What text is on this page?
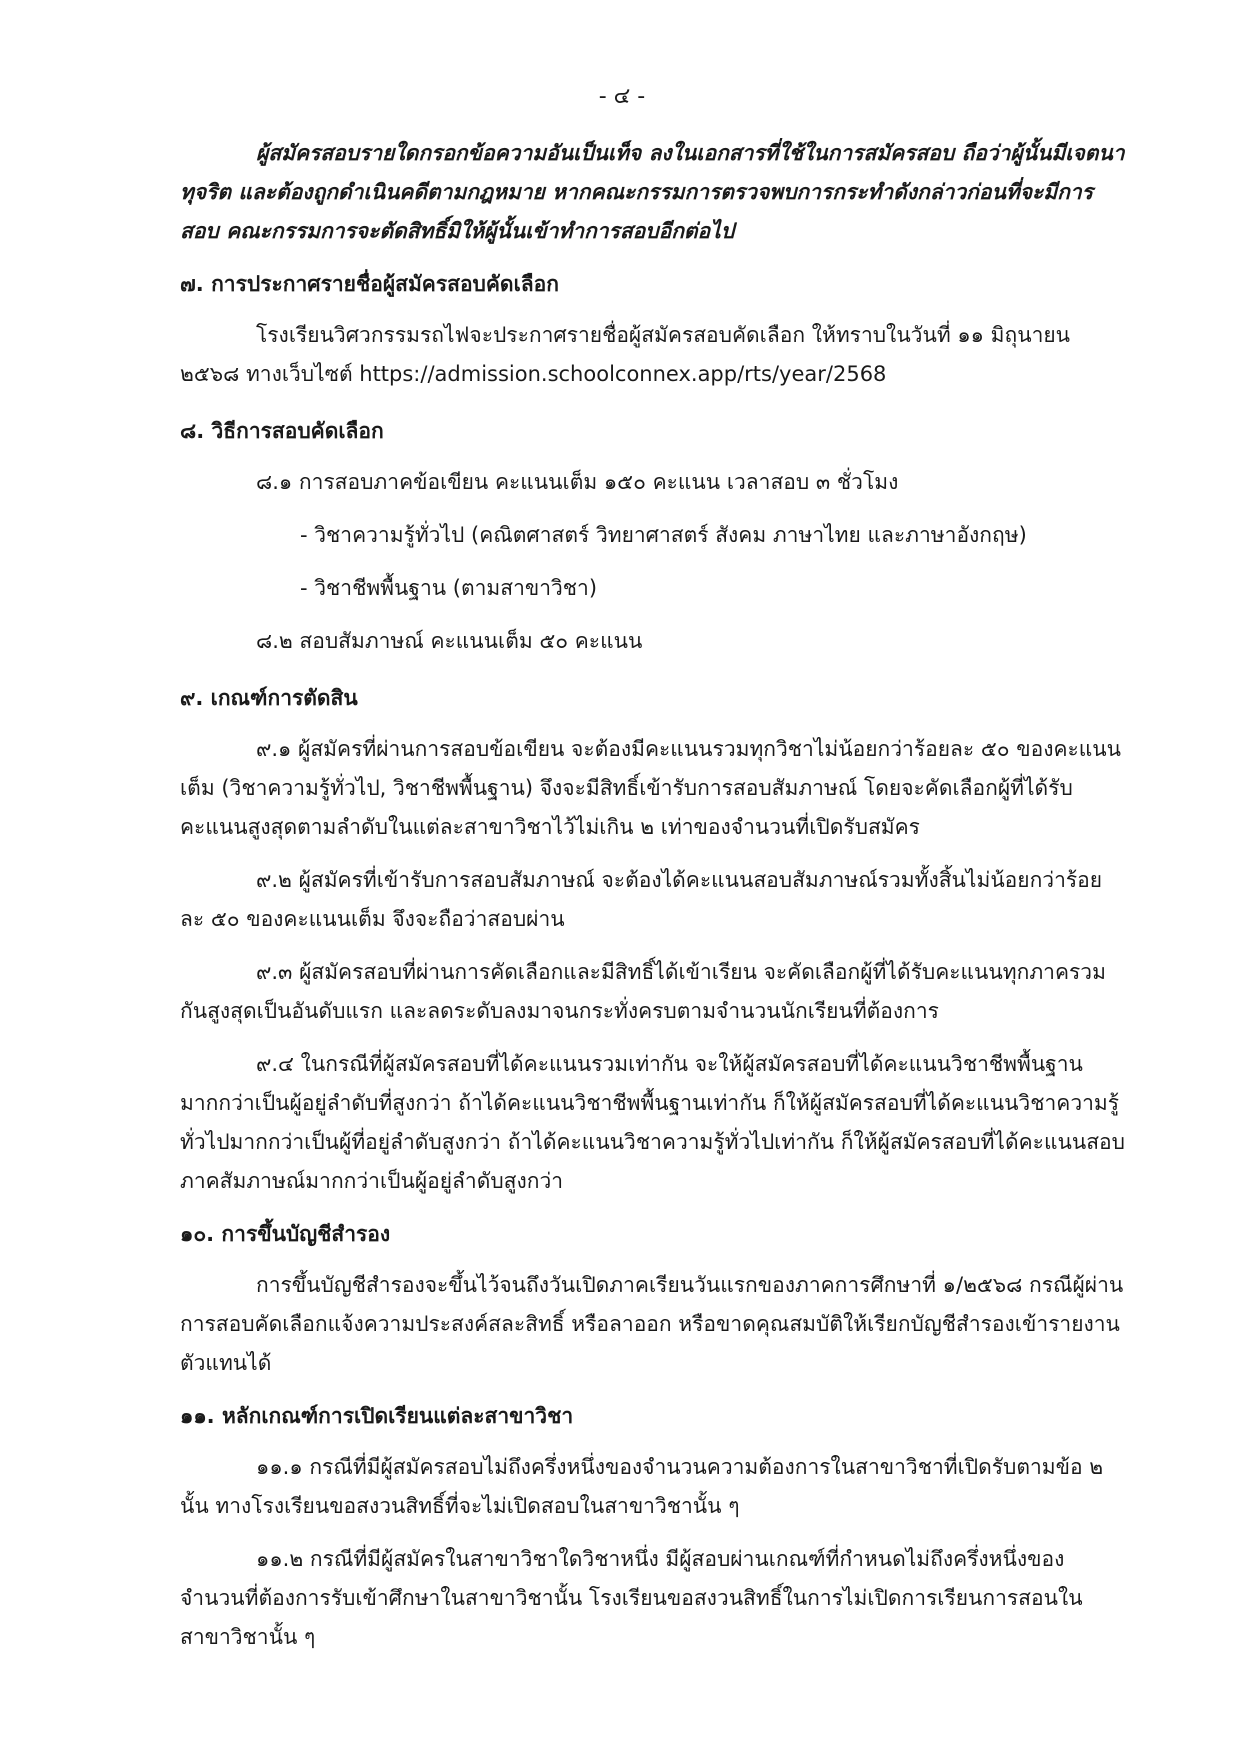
- ๔ -

ผู้สมัครสอบรายใดกรอกข้อความอันเป็นเท็จ ลงในเอกสารที่ใช้ในการสมัครสอบ ถือว่าผู้นั้นมีเจตนาทุจริต และต้องถูกดำเนินคดีตามกฎหมาย หากคณะกรรมการตรวจพบการกระทำดังกล่าวก่อนที่จะมีการสอบ คณะกรรมการจะตัดสิทธิ์มิให้ผู้นั้นเข้าทำการสอบอีกต่อไป

๗. การประกาศรายชื่อผู้สมัครสอบคัดเลือก

โรงเรียนวิศวกรรมรถไฟจะประกาศรายชื่อผู้สมัครสอบคัดเลือก ให้ทราบในวันที่ ๑๑ มิถุนายน ๒๕๖๘ ทางเว็บไซต์ https://admission.schoolconnex.app/rts/year/2568

๘. วิธีการสอบคัดเลือก

๘.๑ การสอบภาคข้อเขียน คะแนนเต็ม ๑๕๐ คะแนน เวลาสอบ ๓ ชั่วโมง

- วิชาความรู้ทั่วไป (คณิตศาสตร์ วิทยาศาสตร์ สังคม ภาษาไทย และภาษาอังกฤษ)

- วิชาชีพพื้นฐาน (ตามสาขาวิชา)

๘.๒ สอบสัมภาษณ์ คะแนนเต็ม ๕๐ คะแนน

๙. เกณฑ์การตัดสิน

๙.๑ ผู้สมัครที่ผ่านการสอบข้อเขียน จะต้องมีคะแนนรวมทุกวิชาไม่น้อยกว่าร้อยละ ๕๐ ของคะแนนเต็ม (วิชาความรู้ทั่วไป, วิชาชีพพื้นฐาน) จึงจะมีสิทธิ์เข้ารับการสอบสัมภาษณ์ โดยจะคัดเลือกผู้ที่ได้รับคะแนนสูงสุดตามลำดับในแต่ละสาขาวิชาไว้ไม่เกิน ๒ เท่าของจำนวนที่เปิดรับสมัคร

๙.๒ ผู้สมัครที่เข้ารับการสอบสัมภาษณ์ จะต้องได้คะแนนสอบสัมภาษณ์รวมทั้งสิ้นไม่น้อยกว่าร้อยละ ๕๐ ของคะแนนเต็ม จึงจะถือว่าสอบผ่าน

๙.๓ ผู้สมัครสอบที่ผ่านการคัดเลือกและมีสิทธิ์ได้เข้าเรียน จะคัดเลือกผู้ที่ได้รับคะแนนทุกภาครวมกันสูงสุดเป็นอันดับแรก และลดระดับลงมาจนกระทั่งครบตามจำนวนนักเรียนที่ต้องการ

๙.๔ ในกรณีที่ผู้สมัครสอบที่ได้คะแนนรวมเท่ากัน จะให้ผู้สมัครสอบที่ได้คะแนนวิชาชีพพื้นฐานมากกว่าเป็นผู้อยู่ลำดับที่สูงกว่า ถ้าได้คะแนนวิชาชีพพื้นฐานเท่ากัน ก็ให้ผู้สมัครสอบที่ได้คะแนนวิชาความรู้ทั่วไปมากกว่าเป็นผู้ที่อยู่ลำดับสูงกว่า ถ้าได้คะแนนวิชาความรู้ทั่วไปเท่ากัน ก็ให้ผู้สมัครสอบที่ได้คะแนนสอบภาคสัมภาษณ์มากกว่าเป็นผู้อยู่ลำดับสูงกว่า

๑๐. การขึ้นบัญชีสำรอง

การขึ้นบัญชีสำรองจะขึ้นไว้จนถึงวันเปิดภาคเรียนวันแรกของภาคการศึกษาที่ ๑/๒๕๖๘ กรณีผู้ผ่านการสอบคัดเลือกแจ้งความประสงค์สละสิทธิ์ หรือลาออก หรือขาดคุณสมบัติให้เรียกบัญชีสำรองเข้ารายงานตัวแทนได้

๑๑. หลักเกณฑ์การเปิดเรียนแต่ละสาขาวิชา

๑๑.๑ กรณีที่มีผู้สมัครสอบไม่ถึงครึ่งหนึ่งของจำนวนความต้องการในสาขาวิชาที่เปิดรับตามข้อ ๒ นั้น ทางโรงเรียนขอสงวนสิทธิ์ที่จะไม่เปิดสอบในสาขาวิชานั้น ๆ

๑๑.๒ กรณีที่มีผู้สมัครในสาขาวิชาใดวิชาหนึ่ง มีผู้สอบผ่านเกณฑ์ที่กำหนดไม่ถึงครึ่งหนึ่งของจำนวนที่ต้องการรับเข้าศึกษาในสาขาวิชานั้น โรงเรียนขอสงวนสิทธิ์ในการไม่เปิดการเรียนการสอนในสาขาวิชานั้น ๆ
